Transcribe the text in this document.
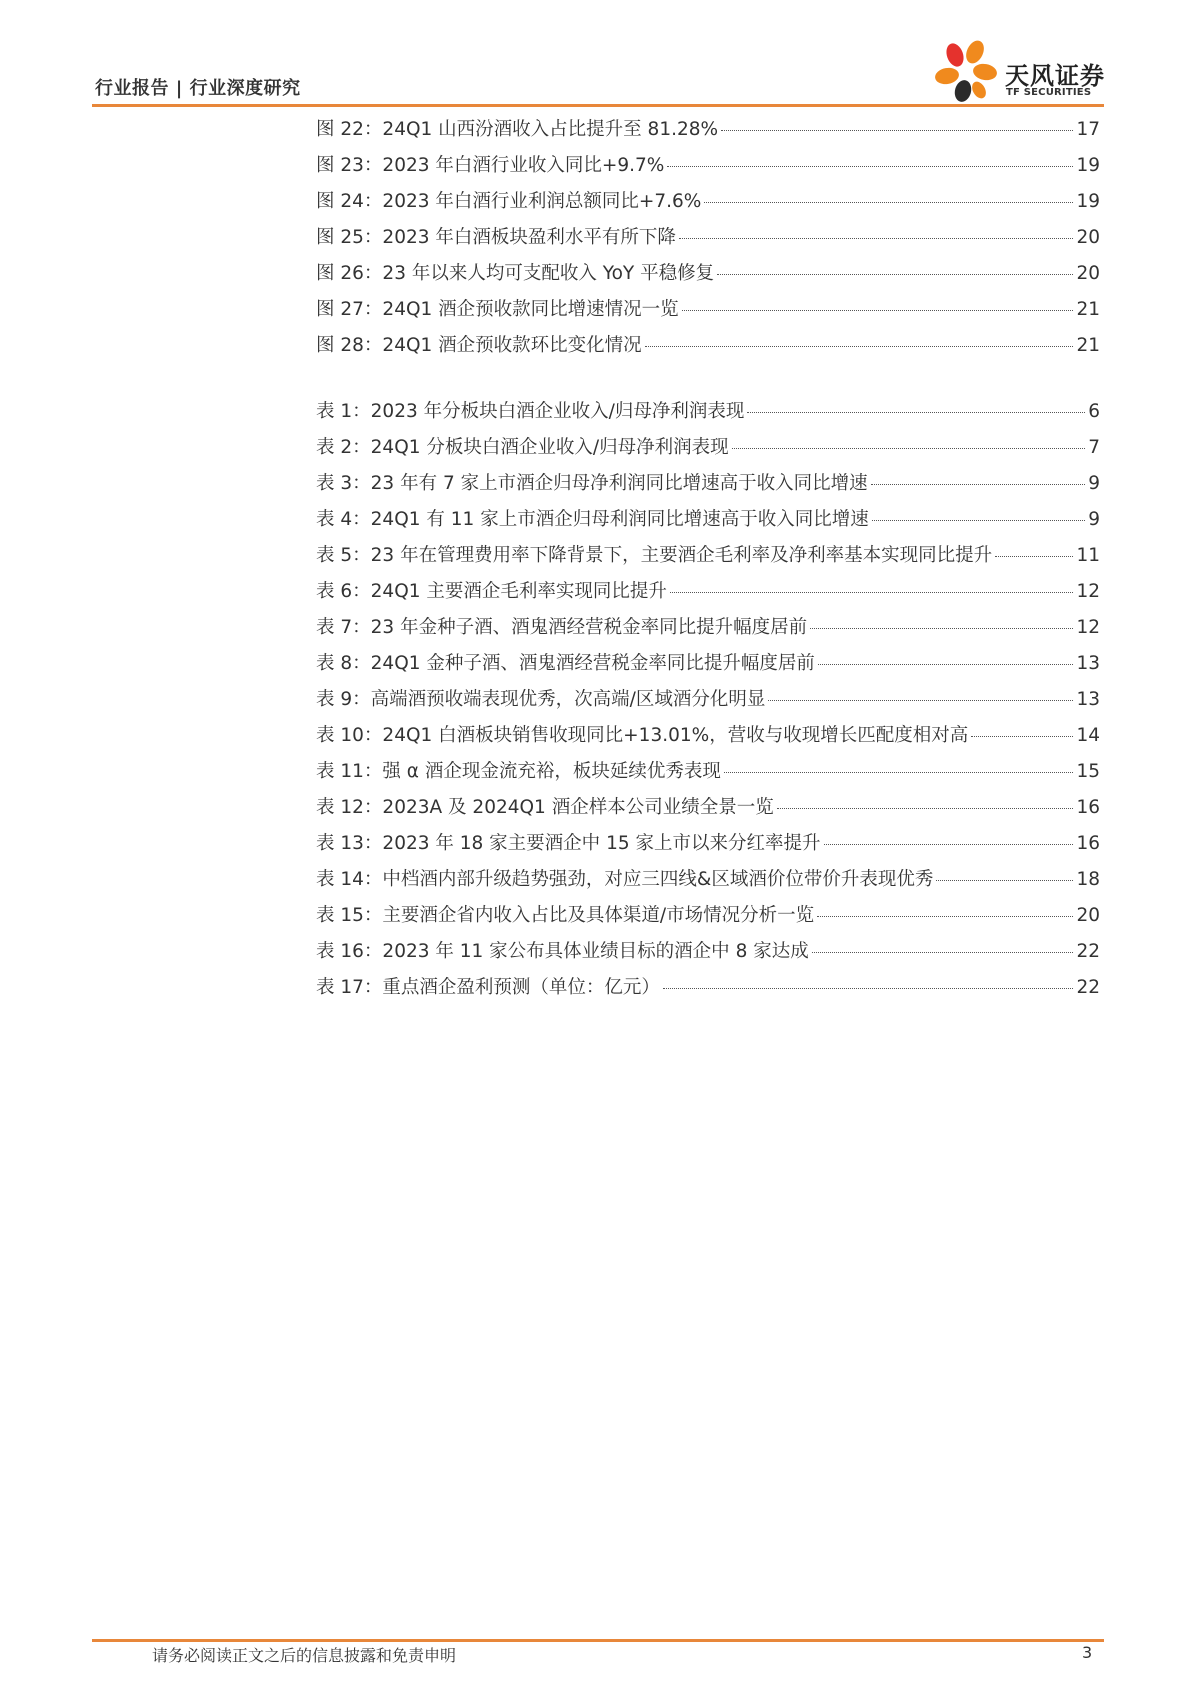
行业报告 | 行业深度研究	天风证券
TF SECURITIES
图 22：24Q1 山西汾酒收入占比提升至 81.28%	17
图 23：2023 年白酒行业收入同比+9.7%	19
图 24：2023 年白酒行业利润总额同比+7.6%	19
图 25：2023 年白酒板块盈利水平有所下降	20
图 26：23 年以来人均可支配收入 YoY 平稳修复	20
图 27：24Q1 酒企预收款同比增速情况一览	21
图 28：24Q1 酒企预收款环比变化情况	21
表 1：2023 年分板块白酒企业收入/归母净利润表现	6
表 2：24Q1 分板块白酒企业收入/归母净利润表现	7
表 3：23 年有 7 家上市酒企归母净利润同比增速高于收入同比增速	9
表 4：24Q1 有 11 家上市酒企归母利润同比增速高于收入同比增速	9
表 5：23 年在管理费用率下降背景下，主要酒企毛利率及净利率基本实现同比提升	11
表 6：24Q1 主要酒企毛利率实现同比提升	12
表 7：23 年金种子酒、酒鬼酒经营税金率同比提升幅度居前	12
表 8：24Q1 金种子酒、酒鬼酒经营税金率同比提升幅度居前	13
表 9：高端酒预收端表现优秀，次高端/区域酒分化明显	13
表 10：24Q1 白酒板块销售收现同比+13.01%，营收与收现增长匹配度相对高	14
表 11：强 α 酒企现金流充裕，板块延续优秀表现	15
表 12：2023A 及 2024Q1 酒企样本公司业绩全景一览	16
表 13：2023 年 18 家主要酒企中 15 家上市以来分红率提升	16
表 14：中档酒内部升级趋势强劲，对应三四线&区域酒价位带价升表现优秀	18
表 15：主要酒企省内收入占比及具体渠道/市场情况分析一览	20
表 16：2023 年 11 家公布具体业绩目标的酒企中 8 家达成	22
表 17：重点酒企盈利预测（单位：亿元）	22
请务必阅读正文之后的信息披露和免责申明	3
